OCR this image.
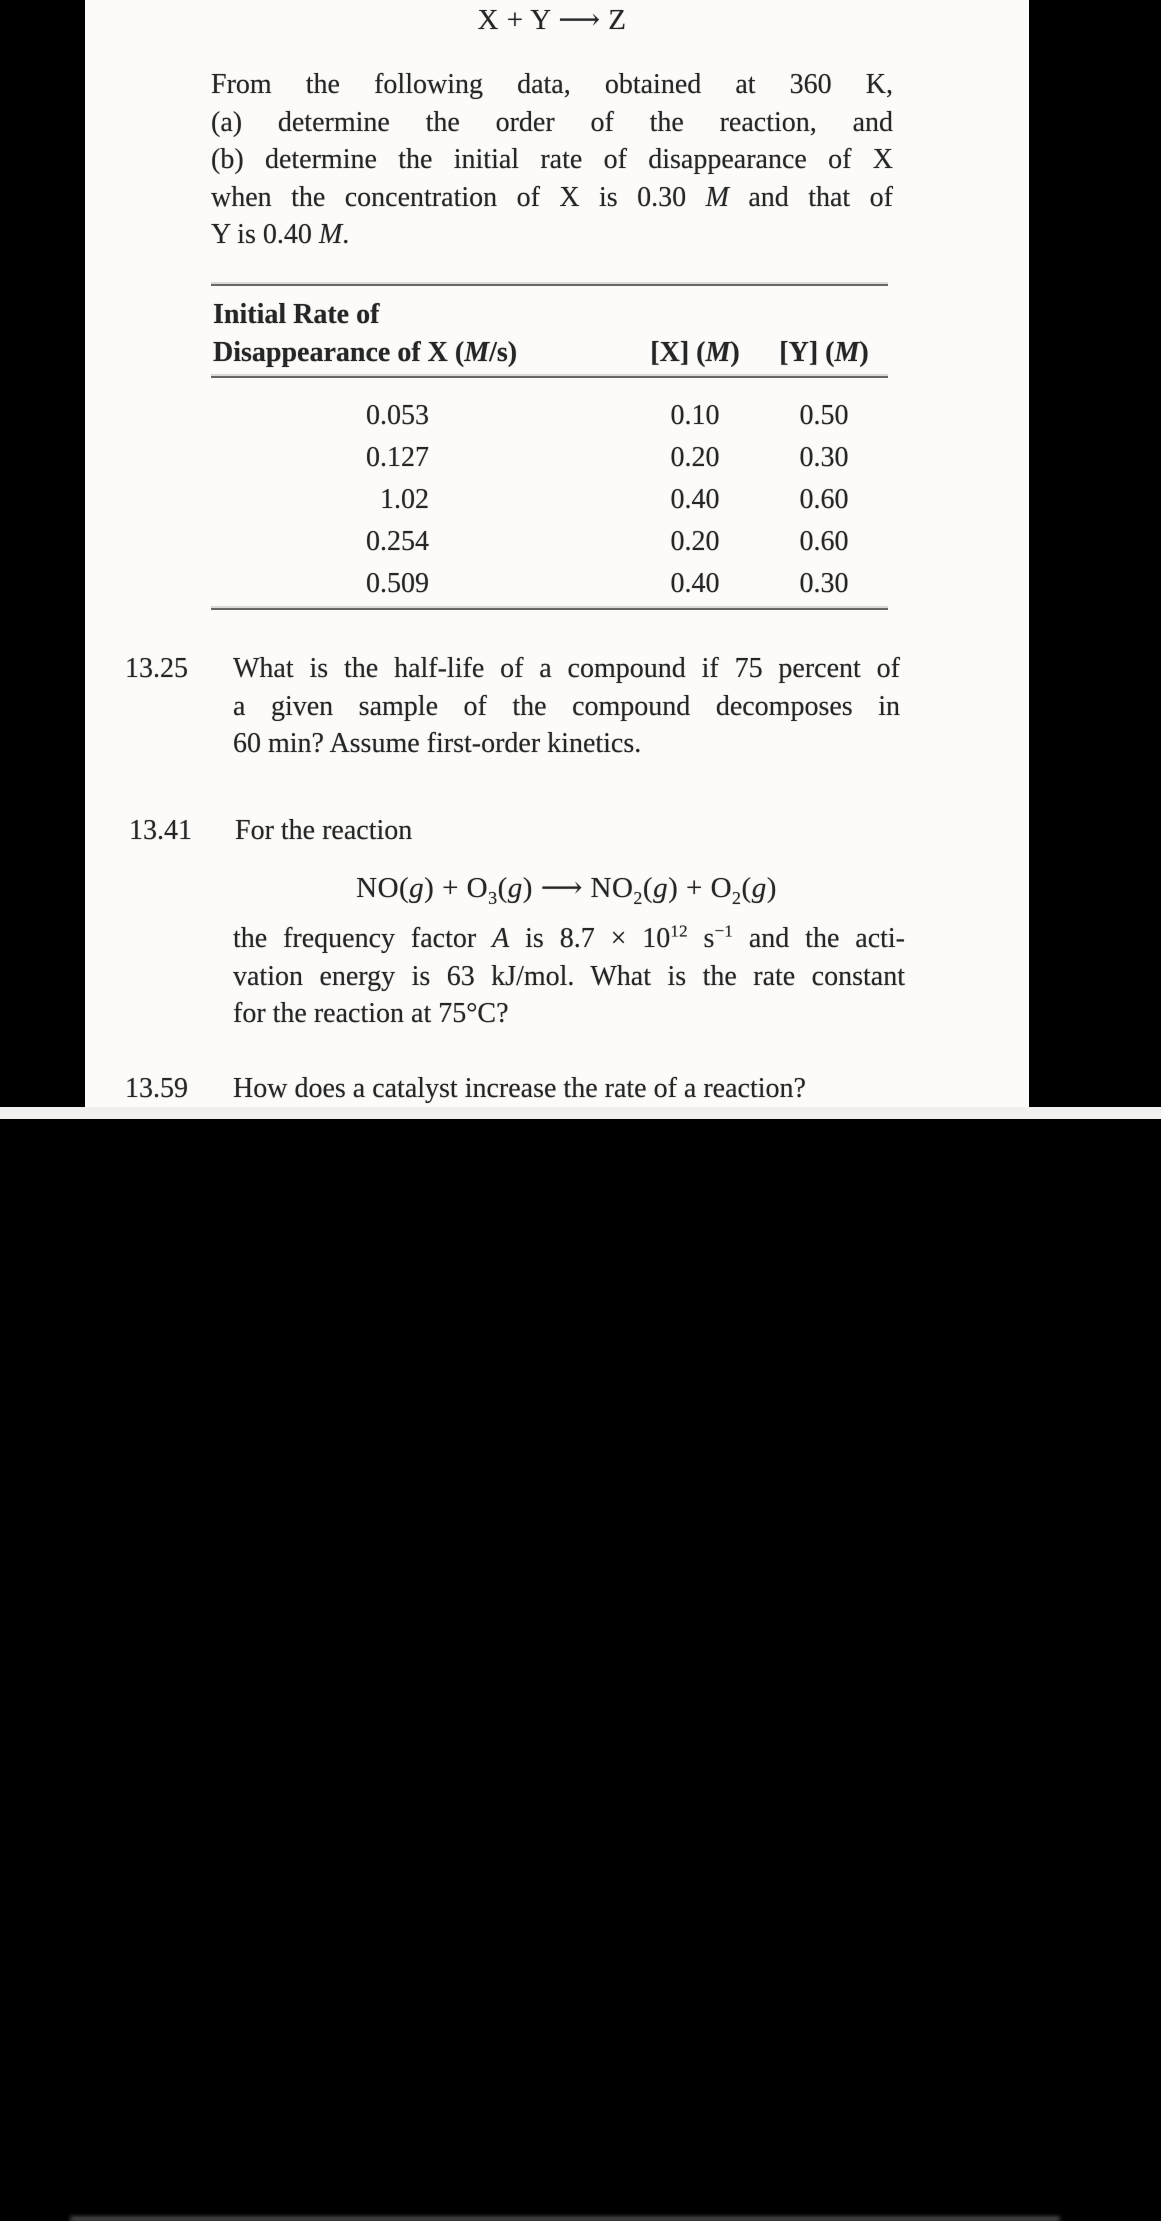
X + Y ⟶ Z
From the following data, obtained at 360 K,
(a) determine the order of the reaction, and
(b) determine the initial rate of disappearance of X
when the concentration of X is 0.30 M and that of
Y is 0.40 M.
Initial Rate of
Disappearance of X (M/s)	[X] (M)	[Y] (M)
0.053	0.10	0.50
0.127	0.20	0.30
1.02	0.40	0.60
0.254	0.20	0.60
0.509	0.40	0.30
13.25 What is the half-life of a compound if 75 percent of
a given sample of the compound decomposes in
60 min? Assume first-order kinetics.
13.41 For the reaction
$NO(g) + O_3(g)$ ⟶ $NO_2(g) + O_2(g)$
the frequency factor A is $8.7 \times 10^{12}$ $s^{-1}$ and the acti-
vation energy is 63 kJ/mol. What is the rate constant
for the reaction at 75°C?
13.59 How does a catalyst increase the rate of a reaction?
